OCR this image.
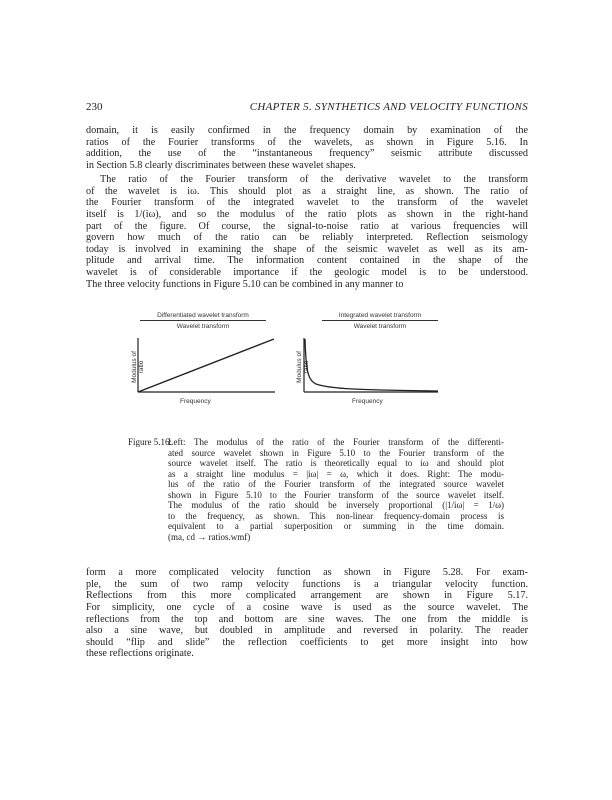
230	CHAPTER 5. SYNTHETICS AND VELOCITY FUNCTIONS
domain, it is easily confirmed in the frequency domain by examination of the
ratios of the Fourier transforms of the wavelets, as shown in Figure 5.16. In
addition, the use of the “instantaneous frequency” seismic attribute discussed
in Section 5.8 clearly discriminates between these wavelet shapes.
The ratio of the Fourier transform of the derivative wavelet to the transform
of the wavelet is iω. This should plot as a straight line, as shown. The ratio of
the Fourier transform of the integrated wavelet to the transform of the wavelet
itself is 1/(iω), and so the modulus of the ratio plots as shown in the right-hand
part of the figure. Of course, the signal-to-noise ratio at various frequencies will
govern how much of the ratio can be reliably interpreted. Reflection seismology
today is involved in examining the shape of the seismic wavelet as well as its am-
plitude and arrival time. The information content contained in the shape of the
wavelet is of considerable importance if the geologic model is to be understood.
The three velocity functions in Figure 5.10 can be combined in any manner to
Differentiated wavelet transform
Wavelet transform
Modulus of ratio
Frequency
Integrated wavelet transform
Wavelet transform
Modulus of ratio
Frequency
Figure 5.16:
Left: The modulus of the ratio of the Fourier transform of the differenti-
ated source wavelet shown in Figure 5.10 to the Fourier transform of the
source wavelet itself. The ratio is theoretically equal to iω and should plot
as a straight line modulus = |iω| = ω, which it does. Right: The modu-
lus of the ratio of the Fourier transform of the integrated source wavelet
shown in Figure 5.10 to the Fourier transform of the source wavelet itself.
The modulus of the ratio should be inversely proportional (|1/iω| = 1/ω)
to the frequency, as shown. This non-linear frequency-domain process is
equivalent to a partial superposition or summing in the time domain.
(ma, cd → ratios.wmf)
form a more complicated velocity function as shown in Figure 5.28. For exam-
ple, the sum of two ramp velocity functions is a triangular velocity function.
Reflections from this more complicated arrangement are shown in Figure 5.17.
For simplicity, one cycle of a cosine wave is used as the source wavelet. The
reflections from the top and bottom are sine waves. The one from the middle is
also a sine wave, but doubled in amplitude and reversed in polarity. The reader
should “flip and slide” the reflection coefficients to get more insight into how
these reflections originate.
